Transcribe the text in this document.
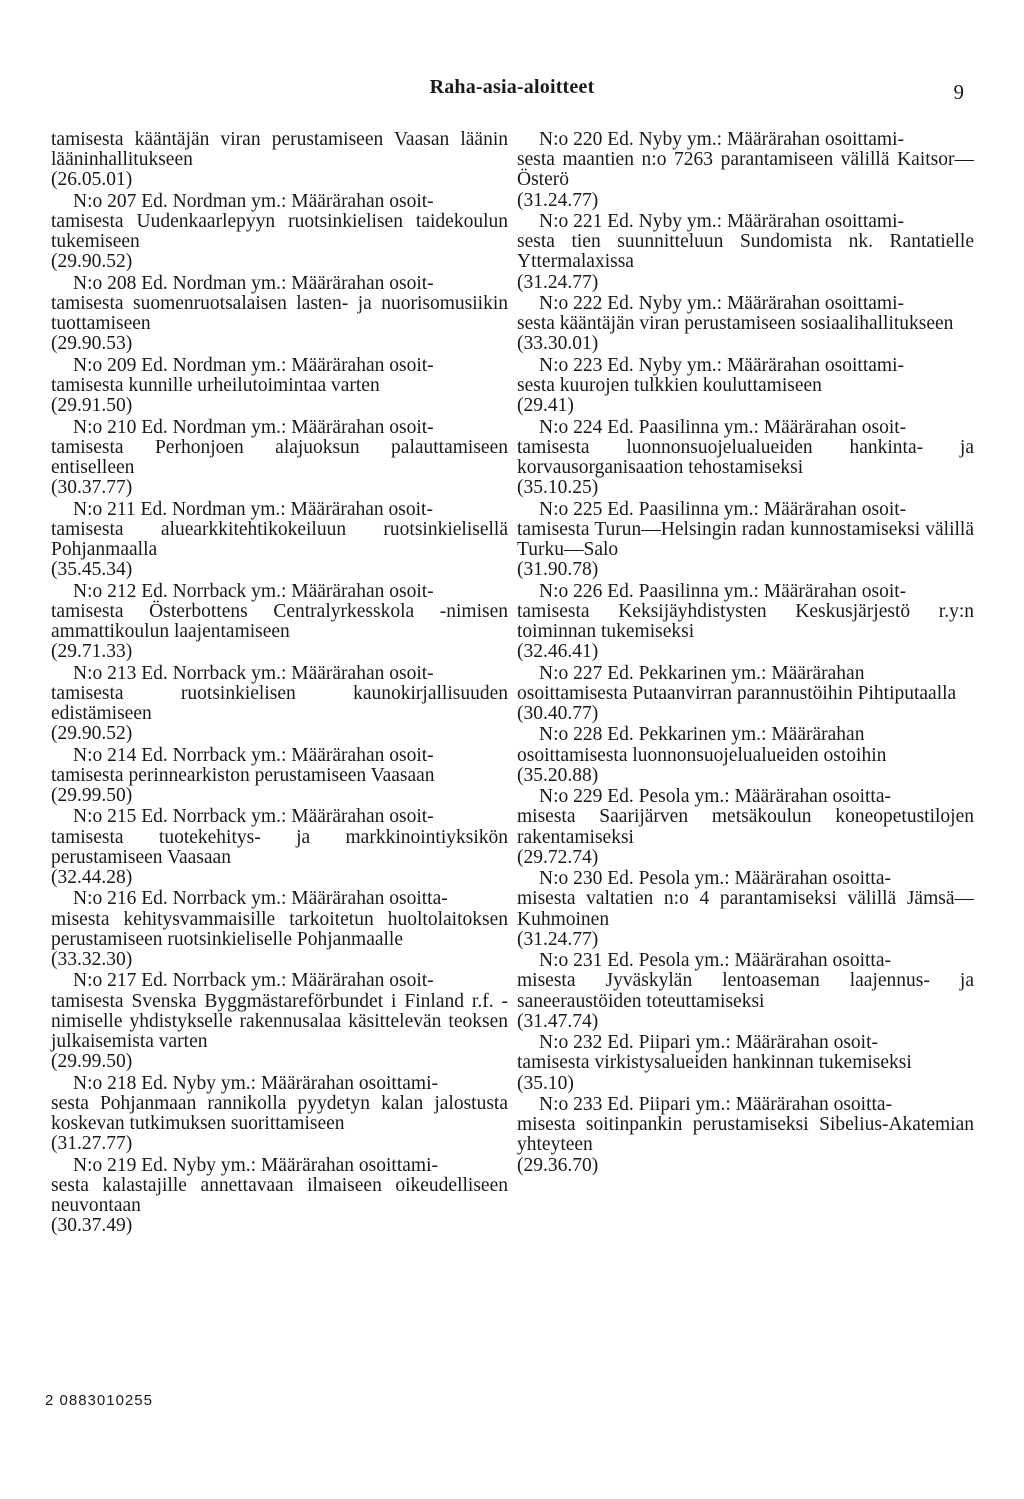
Raha-asia-aloitteet	9
tamisesta kääntäjän viran perustamiseen Vaasan läänin lääninhallitukseen
(26.05.01)
N:o 207 Ed. Nordman ym.: Määrärahan osoit-
tamisesta Uudenkaarlepyyn ruotsinkielisen taidekoulun tukemiseen
(29.90.52)
N:o 208 Ed. Nordman ym.: Määrärahan osoit-
tamisesta suomenruotsalaisen lasten- ja nuorisomusiikin tuottamiseen
(29.90.53)
N:o 209 Ed. Nordman ym.: Määrärahan osoit-
tamisesta kunnille urheilutoimintaa varten
(29.91.50)
N:o 210 Ed. Nordman ym.: Määrärahan osoit-
tamisesta Perhonjoen alajuoksun palauttamiseen entiselleen
(30.37.77)
N:o 211 Ed. Nordman ym.: Määrärahan osoit-
tamisesta aluearkkitehtikokeiluun ruotsinkielisellä Pohjanmaalla
(35.45.34)
N:o 212 Ed. Norrback ym.: Määrärahan osoit-
tamisesta Österbottens Centralyrkesskola -nimisen ammattikoulun laajentamiseen
(29.71.33)
N:o 213 Ed. Norrback ym.: Määrärahan osoit-
tamisesta ruotsinkielisen kaunokirjallisuuden edistämiseen
(29.90.52)
N:o 214 Ed. Norrback ym.: Määrärahan osoit-
tamisesta perinnearkiston perustamiseen Vaasaan
(29.99.50)
N:o 215 Ed. Norrback ym.: Määrärahan osoit-
tamisesta tuotekehitys- ja markkinointiyksikön perustamiseen Vaasaan
(32.44.28)
N:o 216 Ed. Norrback ym.: Määrärahan osoitta-
misesta kehitysvammaisille tarkoitetun huoltolaitoksen perustamiseen ruotsinkieliselle Pohjanmaalle
(33.32.30)
N:o 217 Ed. Norrback ym.: Määrärahan osoit-
tamisesta Svenska Byggmästareförbundet i Finland r.f. -nimiselle yhdistykselle rakennusalaa käsittelevän teoksen julkaisemista varten
(29.99.50)
N:o 218 Ed. Nyby ym.: Määrärahan osoittami-
sesta Pohjanmaan rannikolla pyydetyn kalan jalostusta koskevan tutkimuksen suorittamiseen
(31.27.77)
N:o 219 Ed. Nyby ym.: Määrärahan osoittami-
sesta kalastajille annettavaan ilmaiseen oikeudelliseen neuvontaan
(30.37.49)
N:o 220 Ed. Nyby ym.: Määrärahan osoittami-
sesta maantien n:o 7263 parantamiseen välillä Kaitsor—Österö
(31.24.77)
N:o 221 Ed. Nyby ym.: Määrärahan osoittami-
sesta tien suunnitteluun Sundomista nk. Rantatielle Yttermalaxissa
(31.24.77)
N:o 222 Ed. Nyby ym.: Määrärahan osoittami-
sesta kääntäjän viran perustamiseen sosiaalihallitukseen
(33.30.01)
N:o 223 Ed. Nyby ym.: Määrärahan osoittami-
sesta kuurojen tulkkien kouluttamiseen
(29.41)
N:o 224 Ed. Paasilinna ym.: Määrärahan osoit-
tamisesta luonnonsuojelualueiden hankinta- ja korvausorganisaation tehostamiseksi
(35.10.25)
N:o 225 Ed. Paasilinna ym.: Määrärahan osoit-
tamisesta Turun—Helsingin radan kunnostamiseksi välillä Turku—Salo
(31.90.78)
N:o 226 Ed. Paasilinna ym.: Määrärahan osoit-
tamisesta Keksijäyhdistysten Keskusjärjestö r.y:n toiminnan tukemiseksi
(32.46.41)
N:o 227 Ed. Pekkarinen ym.: Määrärahan
osoittamisesta Putaanvirran parannustöihin Pihtiputaalla
(30.40.77)
N:o 228 Ed. Pekkarinen ym.: Määrärahan
osoittamisesta luonnonsuojelualueiden ostoihin
(35.20.88)
N:o 229 Ed. Pesola ym.: Määrärahan osoitta-
misesta Saarijärven metsäkoulun koneopetustilojen rakentamiseksi
(29.72.74)
N:o 230 Ed. Pesola ym.: Määrärahan osoitta-
misesta valtatien n:o 4 parantamiseksi välillä Jämsä—Kuhmoinen
(31.24.77)
N:o 231 Ed. Pesola ym.: Määrärahan osoitta-
misesta Jyväskylän lentoaseman laajennus- ja saneeraustöiden toteuttamiseksi
(31.47.74)
N:o 232 Ed. Piipari ym.: Määrärahan osoit-
tamisesta virkistysalueiden hankinnan tukemiseksi
(35.10)
N:o 233 Ed. Piipari ym.: Määrärahan osoitta-
misesta soitinpankin perustamiseksi Sibelius-Akatemian yhteyteen
(29.36.70)
2 0883010255
